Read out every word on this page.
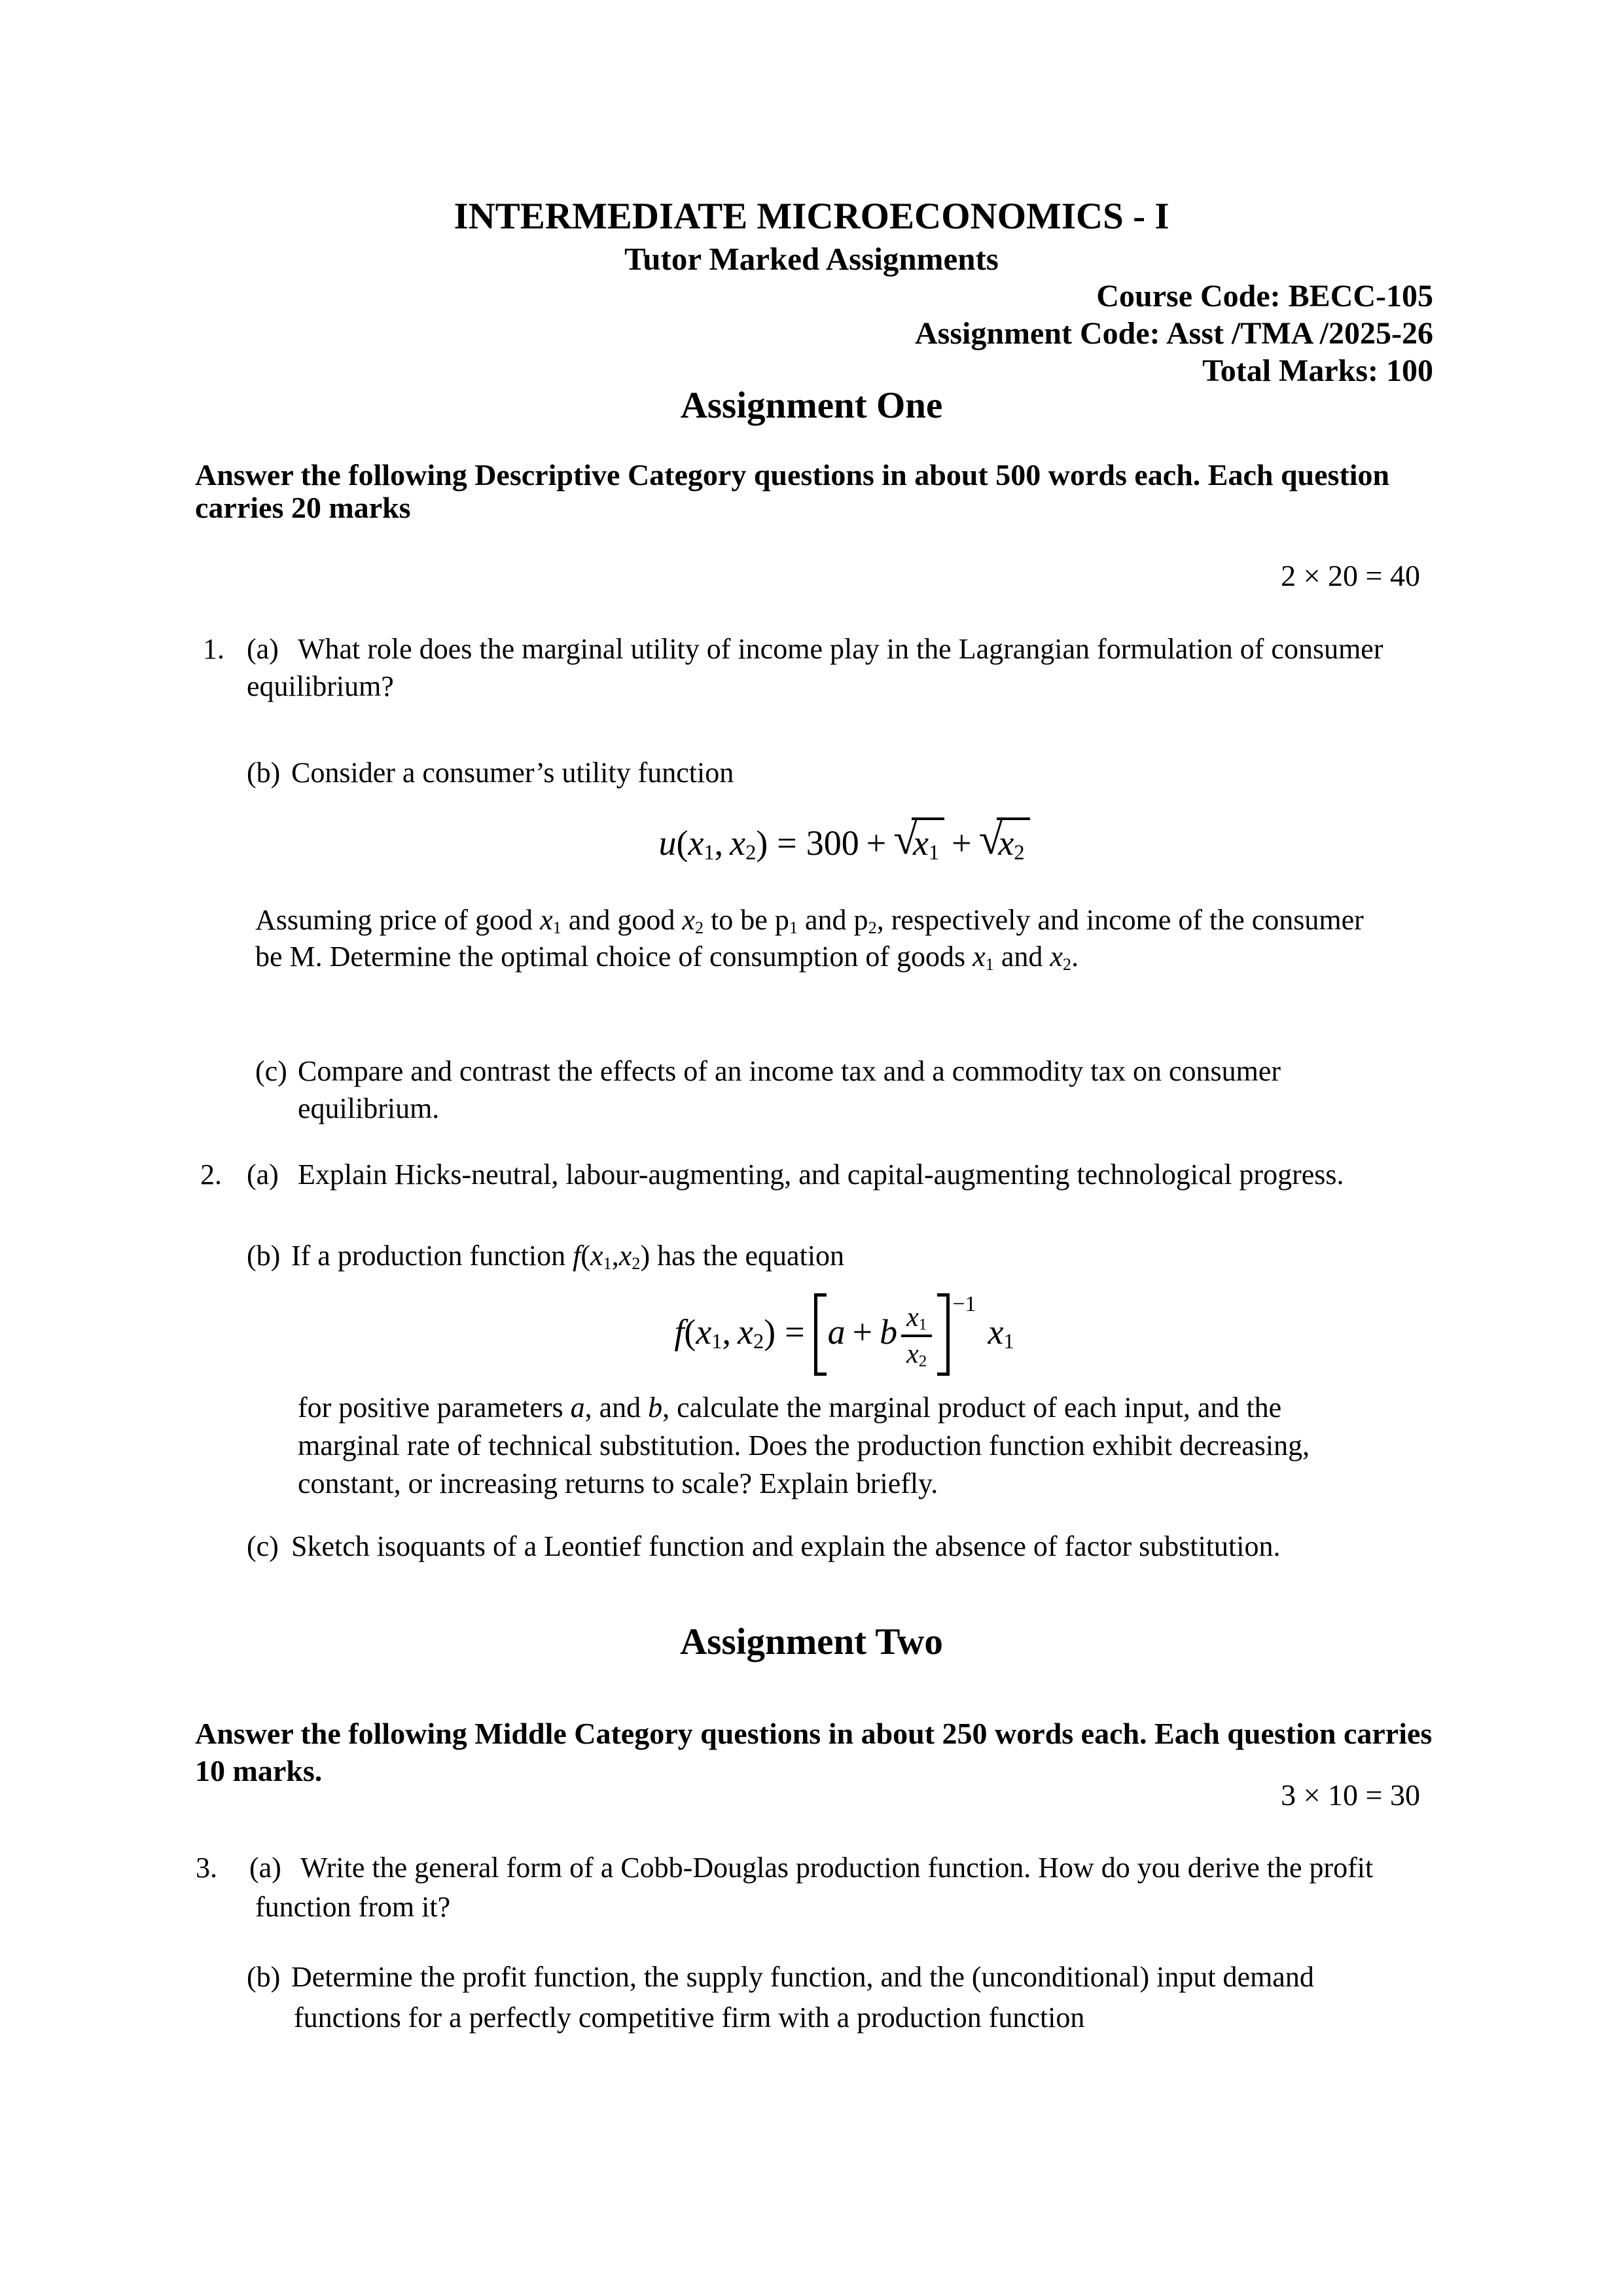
INTERMEDIATE MICROECONOMICS - I
Tutor Marked Assignments
Course Code: BECC-105
Assignment Code: Asst /TMA /2025-26
Total Marks: 100
Assignment One
Answer the following Descriptive Category questions in about 500 words each. Each question
carries 20 marks
2 × 20 = 40
1. (a) What role does the marginal utility of income play in the Lagrangian formulation of consumer
equilibrium?
(b) Consider a consumer’s utility function
$u(x_1$, $x_2) = 300 + √x_1 + √x_2$
Assuming price of good $x_1$ and good $x_2$ to be $p_1$ and $p_2$, respectively and income of the consumer
be M. Determine the optimal choice of consumption of goods $x_1$ and $x_2$.
(c) Compare and contrast the effects of an income tax and a commodity tax on consumer
equilibrium.
2. (a) Explain Hicks-neutral, labour-augmenting, and capital-augmenting technological progress.
(b) If a production function $f(x_1,x_2)$ has the equation
$f(x_1$, $x_2) = a + b \frac{x_1}{x_2} ^{-1}x_1$
for positive parameters a, and b, calculate the marginal product of each input, and the
marginal rate of technical substitution. Does the production function exhibit decreasing,
constant, or increasing returns to scale? Explain briefly.
(c) Sketch isoquants of a Leontief function and explain the absence of factor substitution.
Assignment Two
Answer the following Middle Category questions in about 250 words each. Each question carries
10 marks.
3 × 10 = 30
3. (a) Write the general form of a Cobb-Douglas production function. How do you derive the profit
function from it?
(b) Determine the profit function, the supply function, and the (unconditional) input demand
functions for a perfectly competitive firm with a production function
